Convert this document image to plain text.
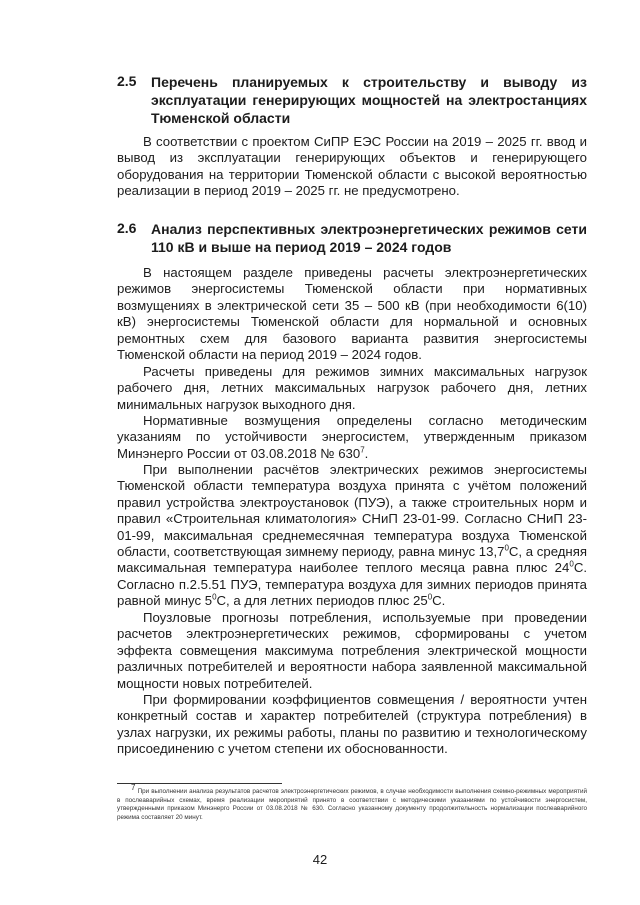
2.5 Перечень планируемых к строительству и выводу из эксплуатации генерирующих мощностей на электростанциях Тюменской области

В соответствии с проектом СиПР ЕЭС России на 2019 – 2025 гг. ввод и вывод из эксплуатации генерирующих объектов и генерирующего оборудования на территории Тюменской области с высокой вероятностью реализации в период 2019 – 2025 гг. не предусмотрено.

2.6 Анализ перспективных электроэнергетических режимов сети 110 кВ и выше на период 2019 – 2024 годов

В настоящем разделе приведены расчеты электроэнергетических режимов энергосистемы Тюменской области при нормативных возмущениях в электрической сети 35 – 500 кВ (при необходимости 6(10) кВ) энергосистемы Тюменской области для нормальной и основных ремонтных схем для базового варианта развития энергосистемы Тюменской области на период 2019 – 2024 годов.

Расчеты приведены для режимов зимних максимальных нагрузок рабочего дня, летних максимальных нагрузок рабочего дня, летних минимальных нагрузок выходного дня.

Нормативные возмущения определены согласно методическим указаниям по устойчивости энергосистем, утвержденным приказом Минэнерго России от 03.08.2018 № $630^7$.

При выполнении расчётов электрических режимов энергосистемы Тюменской области температура воздуха принята с учётом положений правил устройства электроустановок (ПУЭ), а также строительных норм и правил «Строительная климатология» СНиП 23-01-99. Согласно СНиП 23-01-99, максимальная среднемесячная температура воздуха Тюменской области, соответствующая зимнему периоду, равна минус 13,7$^0$С, а средняя максимальная температура наиболее теплого месяца равна плюс $24^0С$. Согласно п.2.5.51 ПУЭ, температура воздуха для зимних периодов принята равной минус $5^0С$, а для летних периодов плюс $25^0С$.

Поузловые прогнозы потребления, используемые при проведении расчетов электроэнергетических режимов, сформированы с учетом эффекта совмещения максимума потребления электрической мощности различных потребителей и вероятности набора заявленной максимальной мощности новых потребителей.

При формировании коэффициентов совмещения / вероятности учтен конкретный состав и характер потребителей (структура потребления) в узлах нагрузки, их режимы работы, планы по развитию и технологическому присоединению с учетом степени их обоснованности.

$^7$ При выполнении анализа результатов расчетов электроэнергетических режимов, в случае необходимости выполнения схемно-режимных мероприятий в послеаварийных схемах, время реализации мероприятий принято в соответствии с методическими указаниями по устойчивости энергосистем, утвержденными приказом Минэнерго России от 03.08.2018 № 630. Согласно указанному документу продолжительность нормализации послеаварийного режима составляет 20 минут.

42
